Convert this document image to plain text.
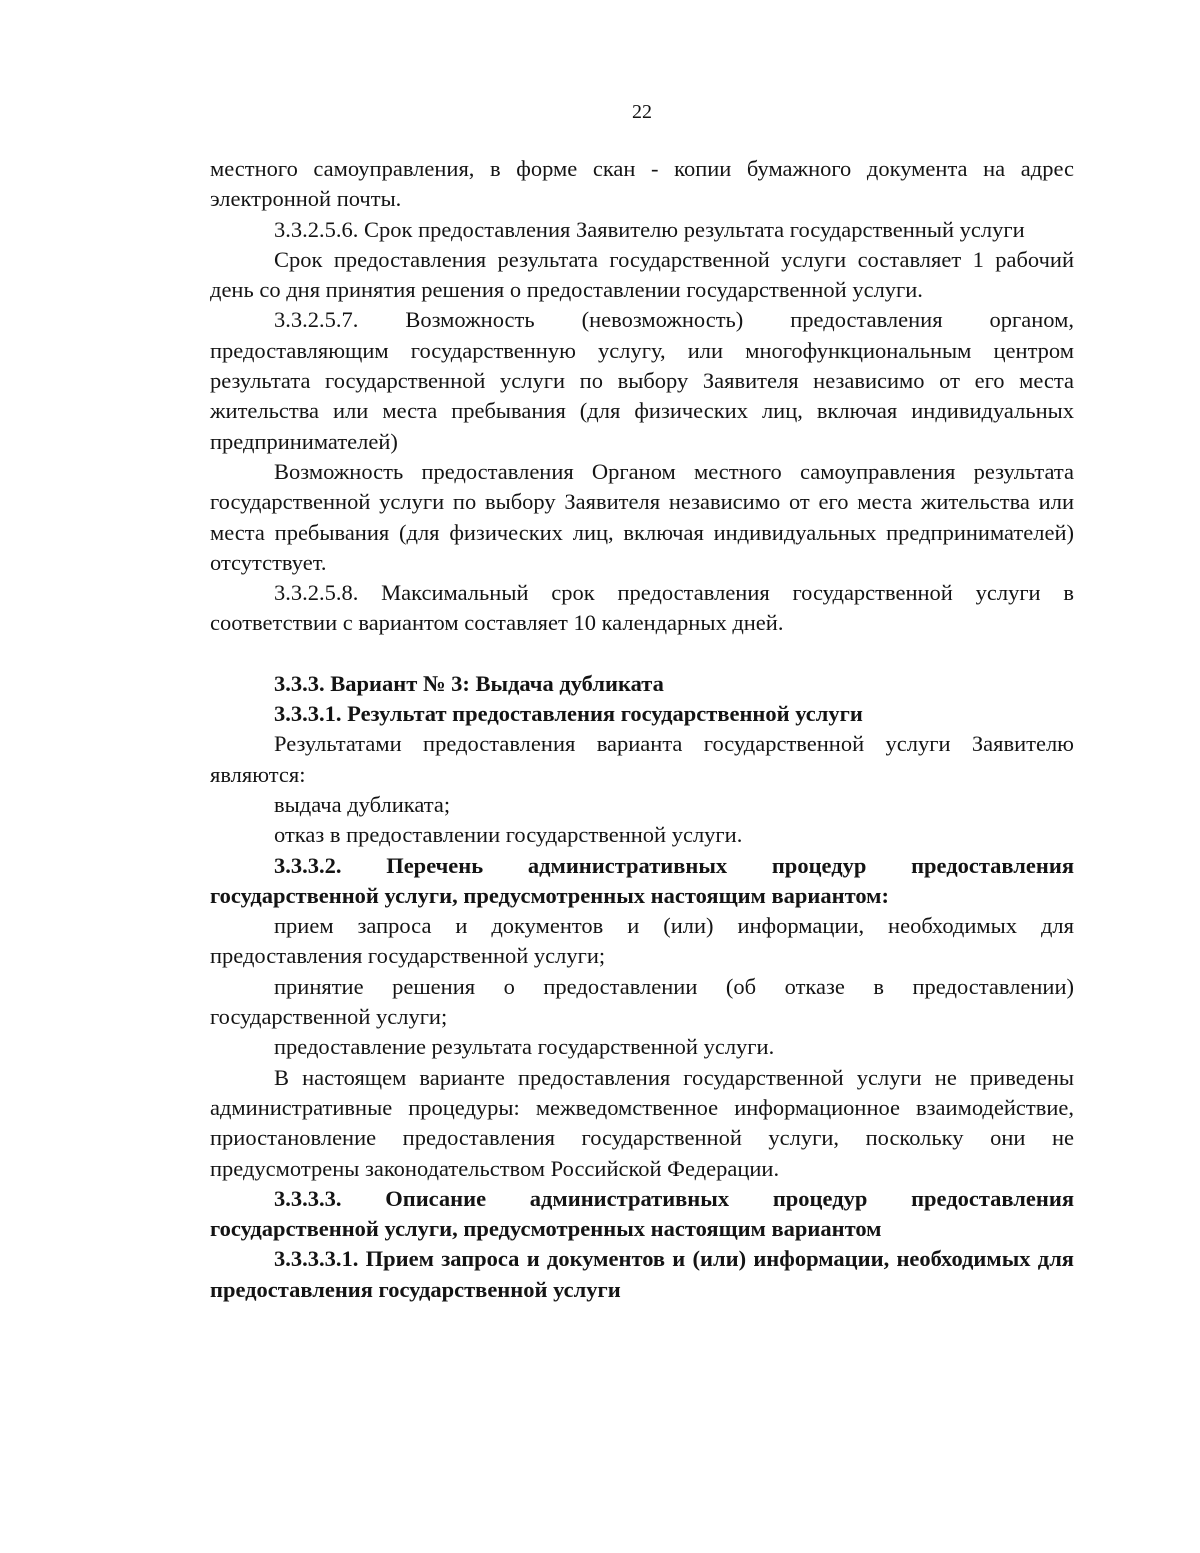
22

местного самоуправления, в форме скан - копии бумажного документа на адрес электронной почты.

3.3.2.5.6. Срок предоставления Заявителю результата государственный услуги

Срок предоставления результата государственной услуги составляет 1 рабочий день со дня принятия решения о предоставлении государственной услуги.

3.3.2.5.7. Возможность (невозможность) предоставления органом, предоставляющим государственную услугу, или многофункциональным центром результата государственной услуги по выбору Заявителя независимо от его места жительства или места пребывания (для физических лиц, включая индивидуальных предпринимателей)

Возможность предоставления Органом местного самоуправления результата государственной услуги по выбору Заявителя независимо от его места жительства или места пребывания (для физических лиц, включая индивидуальных предпринимателей) отсутствует.

3.3.2.5.8. Максимальный срок предоставления государственной услуги в соответствии с вариантом составляет 10 календарных дней.

3.3.3. Вариант № 3: Выдача дубликата

3.3.3.1. Результат предоставления государственной услуги

Результатами предоставления варианта государственной услуги Заявителю являются:

выдача дубликата;

отказ в предоставлении государственной услуги.

3.3.3.2. Перечень административных процедур предоставления государственной услуги, предусмотренных настоящим вариантом:

прием запроса и документов и (или) информации, необходимых для предоставления государственной услуги;

принятие решения о предоставлении (об отказе в предоставлении) государственной услуги;

предоставление результата государственной услуги.

В настоящем варианте предоставления государственной услуги не приведены административные процедуры: межведомственное информационное взаимодействие, приостановление предоставления государственной услуги, поскольку они не предусмотрены законодательством Российской Федерации.

3.3.3.3. Описание административных процедур предоставления государственной услуги, предусмотренных настоящим вариантом

3.3.3.3.1. Прием запроса и документов и (или) информации, необходимых для предоставления государственной услуги
